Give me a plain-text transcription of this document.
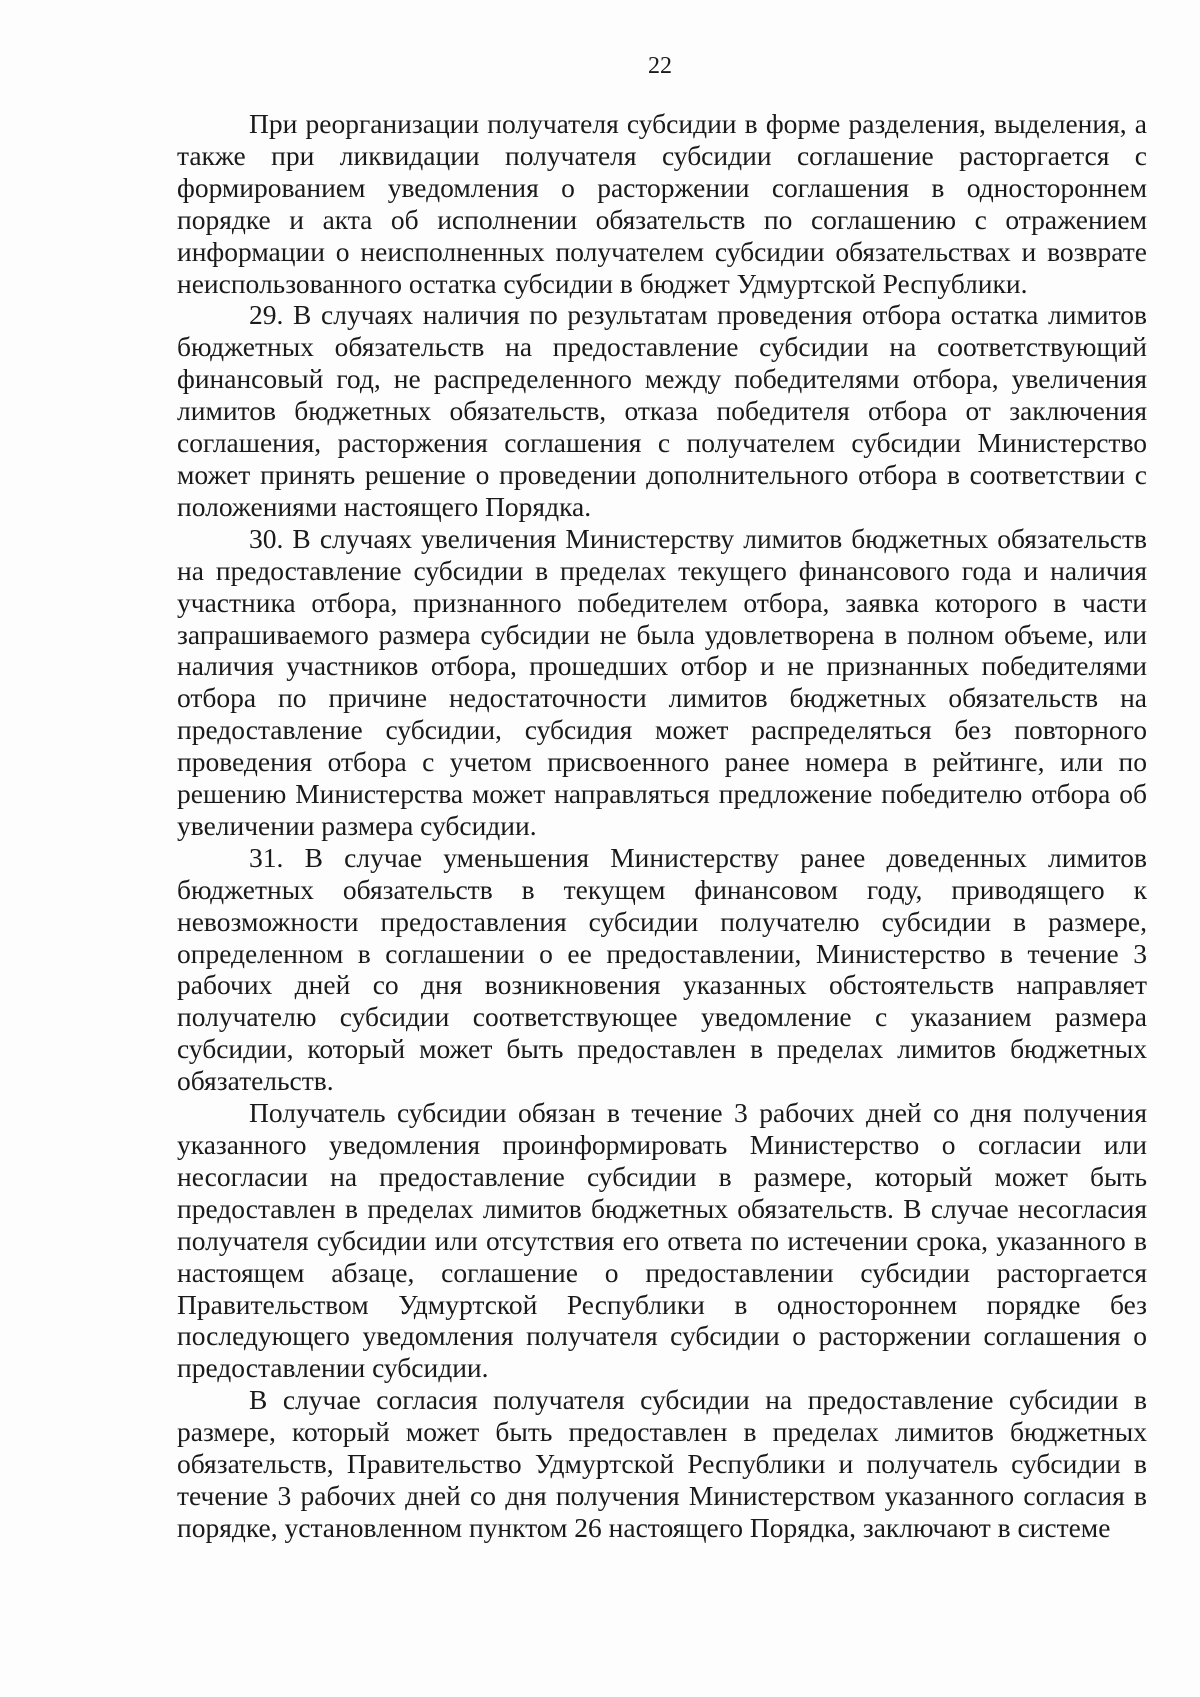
22

При реорганизации получателя субсидии в форме разделения, выделения, а также при ликвидации получателя субсидии соглашение расторгается с формированием уведомления о расторжении соглашения в одностороннем порядке и акта об исполнении обязательств по соглашению с отражением информации о неисполненных получателем субсидии обязательствах и возврате неиспользованного остатка субсидии в бюджет Удмуртской Республики.

29. В случаях наличия по результатам проведения отбора остатка лимитов бюджетных обязательств на предоставление субсидии на соответствующий финансовый год, не распределенного между победителями отбора, увеличения лимитов бюджетных обязательств, отказа победителя отбора от заключения соглашения, расторжения соглашения с получателем субсидии Министерство может принять решение о проведении дополнительного отбора в соответствии с положениями настоящего Порядка.

30. В случаях увеличения Министерству лимитов бюджетных обязательств на предоставление субсидии в пределах текущего финансового года и наличия участника отбора, признанного победителем отбора, заявка которого в части запрашиваемого размера субсидии не была удовлетворена в полном объеме, или наличия участников отбора, прошедших отбор и не признанных победителями отбора по причине недостаточности лимитов бюджетных обязательств на предоставление субсидии, субсидия может распределяться без повторного проведения отбора с учетом присвоенного ранее номера в рейтинге, или по решению Министерства может направляться предложение победителю отбора об увеличении размера субсидии.

31. В случае уменьшения Министерству ранее доведенных лимитов бюджетных обязательств в текущем финансовом году, приводящего к невозможности предоставления субсидии получателю субсидии в размере, определенном в соглашении о ее предоставлении, Министерство в течение 3 рабочих дней со дня возникновения указанных обстоятельств направляет получателю субсидии соответствующее уведомление с указанием размера субсидии, который может быть предоставлен в пределах лимитов бюджетных обязательств.

Получатель субсидии обязан в течение 3 рабочих дней со дня получения указанного уведомления проинформировать Министерство о согласии или несогласии на предоставление субсидии в размере, который может быть предоставлен в пределах лимитов бюджетных обязательств. В случае несогласия получателя субсидии или отсутствия его ответа по истечении срока, указанного в настоящем абзаце, соглашение о предоставлении субсидии расторгается Правительством Удмуртской Республики в одностороннем порядке без последующего уведомления получателя субсидии о расторжении соглашения о предоставлении субсидии.

В случае согласия получателя субсидии на предоставление субсидии в размере, который может быть предоставлен в пределах лимитов бюджетных обязательств, Правительство Удмуртской Республики и получатель субсидии в течение 3 рабочих дней со дня получения Министерством указанного согласия в порядке, установленном пунктом 26 настоящего Порядка, заключают в системе
